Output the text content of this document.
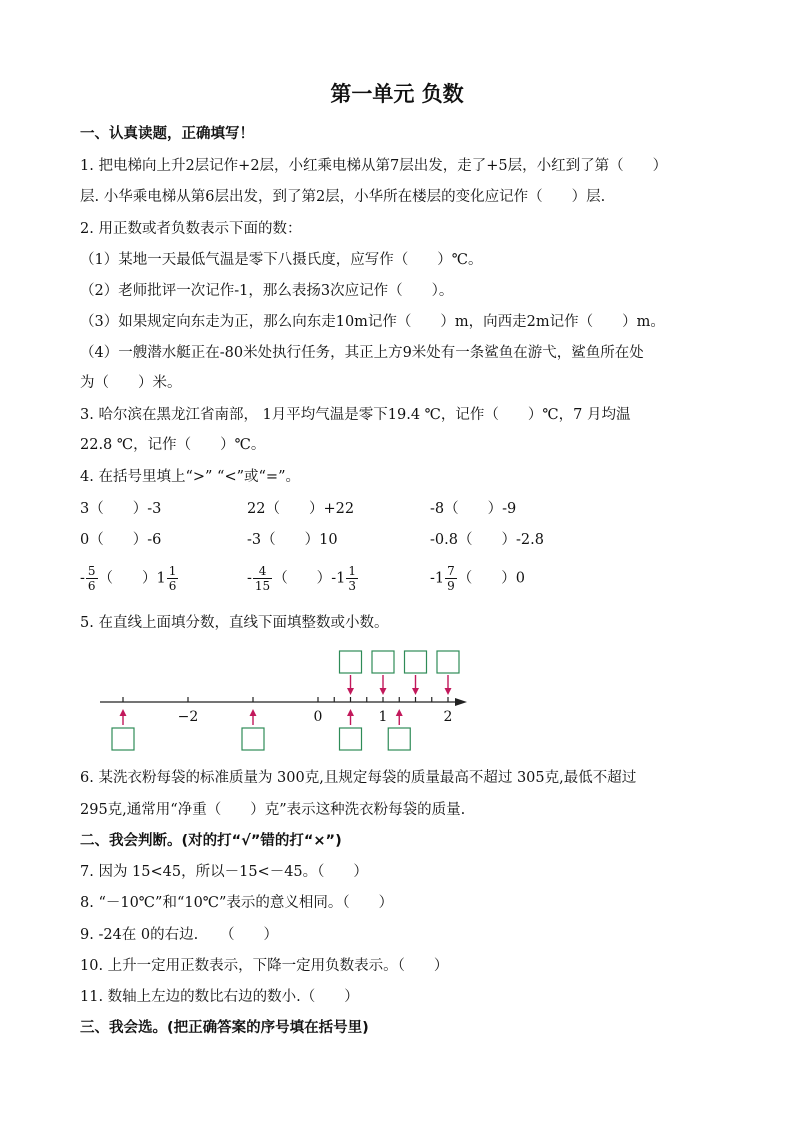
第一单元 负数
一、认真读题，正确填写！
1. 把电梯向上升2层记作+2层，小红乘电梯从第7层出发，走了+5层，小红到了第（　　）
层. 小华乘电梯从第6层出发，到了第2层，小华所在楼层的变化应记作（　　）层.
2. 用正数或者负数表示下面的数：
（1）某地一天最低气温是零下八摄氏度，应写作（　　）℃。
（2）老师批评一次记作-1，那么表扬3次应记作（　　）。
（3）如果规定向东走为正，那么向东走10m记作（　　）m，向西走2m记作（　　）m。
（4）一艘潜水艇正在-80米处执行任务，其正上方9米处有一条鲨鱼在游弋，鲨鱼所在处
为（　　）米。
3. 哈尔滨在黑龙江省南部， 1月平均气温是零下19.4 ℃，记作（　　）℃，7 月均温
22.8 ℃，记作（　　）℃。
4. 在括号里填上“>” “<”或“=”。
3（　　）-3	22（　　）+22	-8（　　）-9
0（　　）-6	-3（　　）10	-0.8（　　）-2.8
- $\frac{5}{6}$ （　　）$1 \frac{1}{6}$	- $\frac{4}{15}$ （　　）$-1 \frac{1}{3}$	$-1 \frac{7}{9}$ （　　）0
5. 在直线上面填分数，直线下面填整数或小数。
−2	0	1	2
6. 某洗衣粉每袋的标准质量为 300克,且规定每袋的质量最高不超过 305克,最低不超过
295克,通常用“净重（　　）克”表示这种洗衣粉每袋的质量.
二、我会判断。(对的打“√”错的打“×”)
7. 因为 15<45，所以－15<－45。（　　）
8. “－10℃”和“10℃”表示的意义相同。（　　）
9. -24在 0的右边.　　（　　）
10. 上升一定用正数表示，下降一定用负数表示。（　　）
11. 数轴上左边的数比右边的数小.（　　）
三、我会选。(把正确答案的序号填在括号里)
